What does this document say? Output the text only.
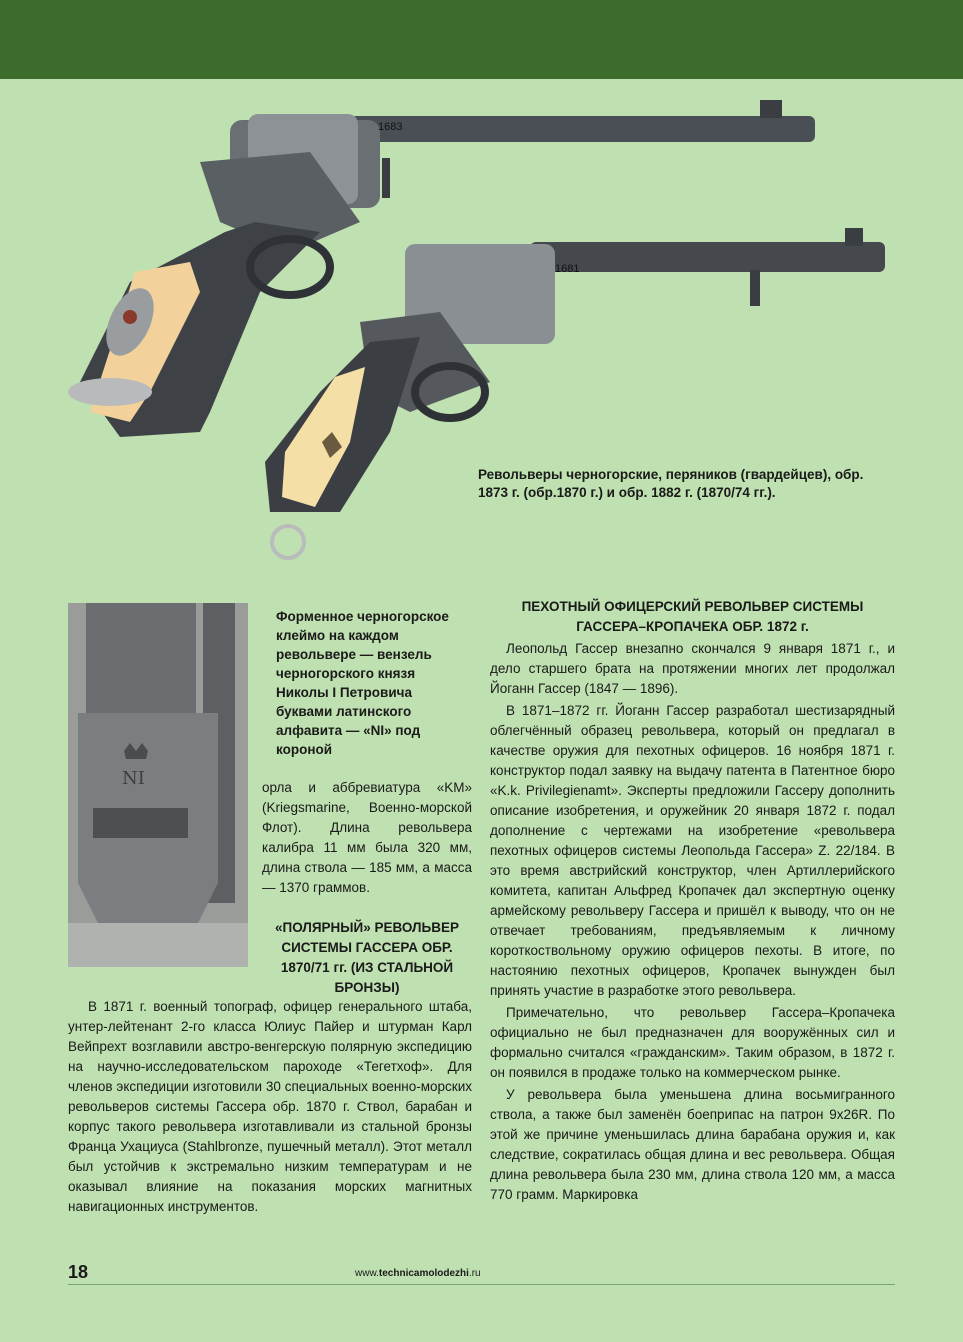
1683
1681
Револьверы черногорские, перяников (гвардейцев), обр. 1873 г. (обр.1870 г.) и обр. 1882 г. (1870/74 гг.).
NI
Форменное черногорское клеймо на каждом револьвере — вензель черногорского князя Николы I Петровича буквами латинского алфавита — «NI» под короной

орла и аббревиатура «KM» (Kriegsmarine, Военно-морской Флот). Длина револьвера калибра 11 мм была 320 мм, длина ствола — 185 мм, а масса — 1370 граммов.

«ПОЛЯРНЫЙ» РЕВОЛЬВЕР СИСТЕМЫ ГАССЕРА ОБР. 1870/71 гг. (ИЗ СТАЛЬНОЙ БРОНЗЫ)

В 1871 г. военный топограф, офицер генерального штаба, унтер-лейтенант 2-го класса Юлиус Пайер и штурман Карл Вейпрехт возглавили австро-венгерскую полярную экспедицию на научно-исследовательском пароходе «Тегетхоф». Для членов экспедиции изготовили 30 специальных военно-морских револьверов системы Гассера обр. 1870 г. Ствол, барабан и корпус такого револьвера изготавливали из стальной бронзы Франца Ухациуса (Stahlbronze, пушечный металл). Этот металл был устойчив к экстремально низким температурам и не оказывал влияние на показания морских магнитных навигационных инструментов.

ПЕХОТНЫЙ ОФИЦЕРСКИЙ РЕВОЛЬВЕР СИСТЕМЫ ГАССЕРА–КРОПАЧЕКА ОБР. 1872 г.

Леопольд Гассер внезапно скончался 9 января 1871 г., и дело старшего брата на протяжении многих лет продолжал Йоганн Гассер (1847 — 1896).

В 1871–1872 гг. Йоганн Гассер разработал шестизарядный облегчённый образец револьвера, который он предлагал в качестве оружия для пехотных офицеров. 16 ноября 1871 г. конструктор подал заявку на выдачу патента в Патентное бюро «K.k. Privilegienamt». Эксперты предложили Гассеру дополнить описание изобретения, и оружейник 20 января 1872 г. подал дополнение с чертежами на изобретение «револьвера пехотных офицеров системы Леопольда Гассера» Z. 22/184. В это время австрийский конструктор, член Артиллерийского комитета, капитан Альфред Кропачек дал экспертную оценку армейскому револьверу Гассера и пришёл к выводу, что он не отвечает требованиям, предъявляемым к личному короткоствольному оружию офицеров пехоты. В итоге, по настоянию пехотных офицеров, Кропачек вынужден был принять участие в разработке этого револьвера.

Примечательно, что револьвер Гассера–Кропачека официально не был предназначен для вооружённых сил и формально считался «гражданским». Таким образом, в 1872 г. он появился в продаже только на коммерческом рынке.

У револьвера была уменьшена длина восьмигранного ствола, а также был заменён боеприпас на патрон 9x26R. По этой же причине уменьшилась длина барабана оружия и, как следствие, сократилась общая длина и вес револьвера. Общая длина револьвера была 230 мм, длина ствола 120 мм, а масса 770 грамм. Маркировка

18	www.technicamolodezhi.ru
